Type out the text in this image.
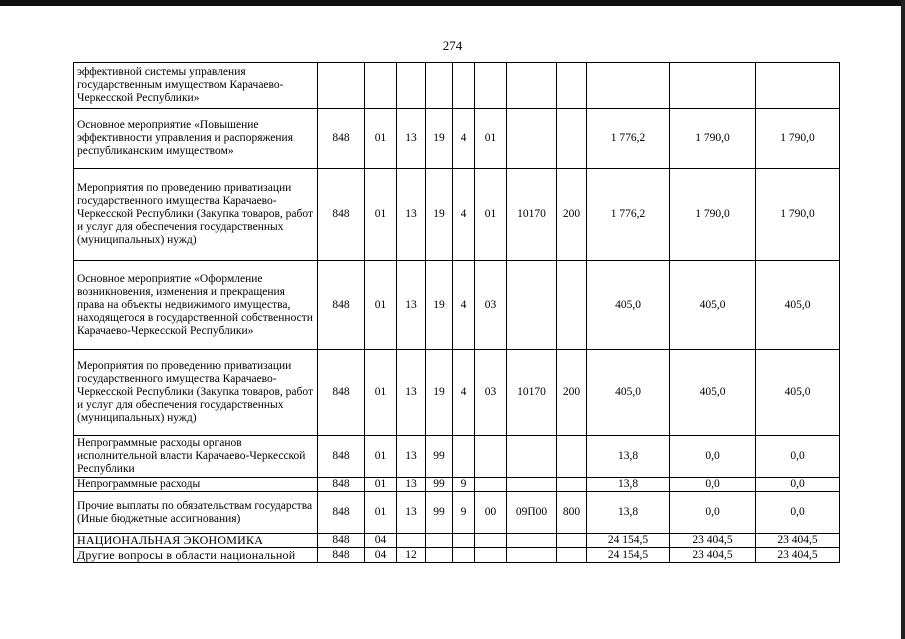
274
эффективной системы управления государственным имуществом Карачаево-Черкесской Республики»											
Основное мероприятие «Повышение эффективности управления и распоряжения республиканским имуществом»	848	01	13	19	4	01			1 776,2	1 790,0	1 790,0
Мероприятия по проведению приватизации государственного имущества Карачаево-Черкесской Республики (Закупка товаров, работ и услуг для обеспечения государственных (муниципальных) нужд)	848	01	13	19	4	01	10170	200	1 776,2	1 790,0	1 790,0
Основное мероприятие «Оформление возникновения, изменения и прекращения права на объекты недвижимого имущества, находящегося в государственной собственности Карачаево-Черкесской Республики»	848	01	13	19	4	03			405,0	405,0	405,0
Мероприятия по проведению приватизации государственного имущества Карачаево-Черкесской Республики (Закупка товаров, работ и услуг для обеспечения государственных (муниципальных) нужд)	848	01	13	19	4	03	10170	200	405,0	405,0	405,0
Непрограммные расходы органов исполнительной власти Карачаево-Черкесской Республики	848	01	13	99					13,8	0,0	0,0
Непрограммные расходы	848	01	13	99	9				13,8	0,0	0,0
Прочие выплаты по обязательствам государства (Иные бюджетные ассигнования)	848	01	13	99	9	00	09П00	800	13,8	0,0	0,0
НАЦИОНАЛЬНАЯ ЭКОНОМИКА	848	04							24 154,5	23 404,5	23 404,5
Другие вопросы в области национальной	848	04	12						24 154,5	23 404,5	23 404,5
